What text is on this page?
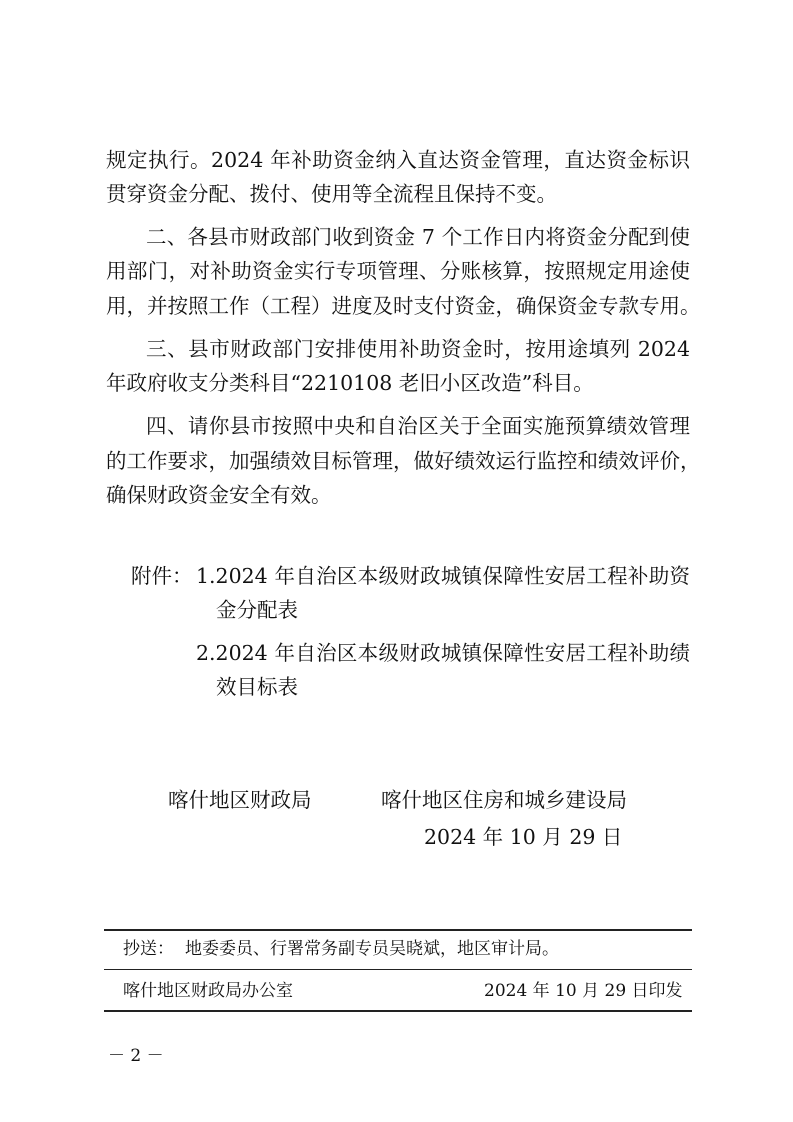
规定执行。2024 年补助资金纳入直达资金管理，直达资金标识
贯穿资金分配、拨付、使用等全流程且保持不变。
二、各县市财政部门收到资金 7 个工作日内将资金分配到使
用部门，对补助资金实行专项管理、分账核算，按照规定用途使
用，并按照工作（工程）进度及时支付资金，确保资金专款专用。
三、县市财政部门安排使用补助资金时，按用途填列 2024
年政府收支分类科目“2210108 老旧小区改造”科目。
四、请你县市按照中央和自治区关于全面实施预算绩效管理
的工作要求，加强绩效目标管理，做好绩效运行监控和绩效评价，
确保财政资金安全有效。
附件： 1.2024 年自治区本级财政城镇保障性安居工程补助资
金分配表
2.2024 年自治区本级财政城镇保障性安居工程补助绩
效目标表
喀什地区财政局	喀什地区住房和城乡建设局
2024 年 10 月 29 日
抄送： 地委委员、行署常务副专员吴晓斌，地区审计局。
喀什地区财政局办公室	2024 年 10 月 29 日印发
－ 2 －
